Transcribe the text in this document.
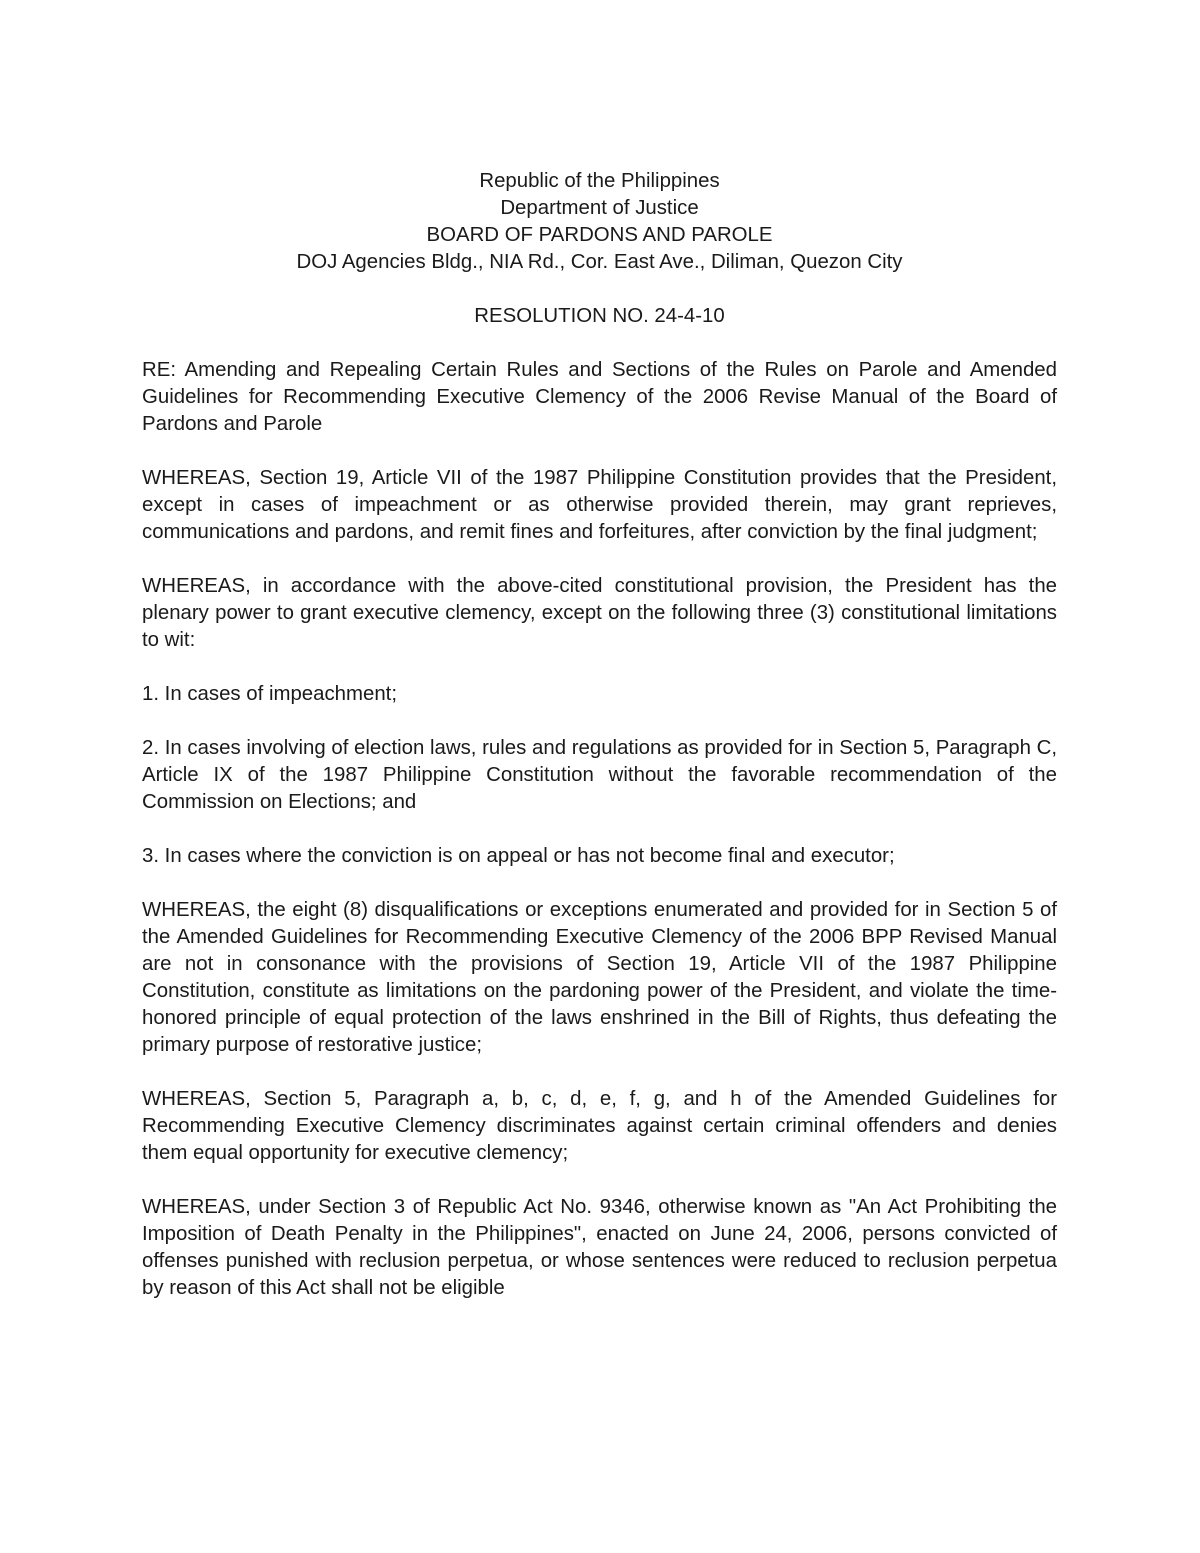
Republic of the Philippines

Department of Justice

BOARD OF PARDONS AND PAROLE

DOJ Agencies Bldg., NIA Rd., Cor. East Ave., Diliman, Quezon City

RESOLUTION NO. 24-4-10

RE: Amending and Repealing Certain Rules and Sections of the Rules on Parole and Amended Guidelines for Recommending Executive Clemency of the 2006 Revise Manual of the Board of Pardons and Parole

WHEREAS, Section 19, Article VII of the 1987 Philippine Constitution provides that the President, except in cases of impeachment or as otherwise provided therein, may grant reprieves, communications and pardons, and remit fines and forfeitures, after conviction by the final judgment;

WHEREAS, in accordance with the above-cited constitutional provision, the President has the plenary power to grant executive clemency, except on the following three (3) constitutional limitations to wit:

1. In cases of impeachment;

2. In cases involving of election laws, rules and regulations as provided for in Section 5, Paragraph C, Article IX of the 1987 Philippine Constitution without the favorable recommendation of the Commission on Elections; and

3. In cases where the conviction is on appeal or has not become final and executor;

WHEREAS, the eight (8) disqualifications or exceptions enumerated and provided for in Section 5 of the Amended Guidelines for Recommending Executive Clemency of the 2006 BPP Revised Manual are not in consonance with the provisions of Section 19, Article VII of the 1987 Philippine Constitution, constitute as limitations on the pardoning power of the President, and violate the time-honored principle of equal protection of the laws enshrined in the Bill of Rights, thus defeating the primary purpose of restorative justice;

WHEREAS, Section 5, Paragraph a, b, c, d, e, f, g, and h of the Amended Guidelines for Recommending Executive Clemency discriminates against certain criminal offenders and denies them equal opportunity for executive clemency;

WHEREAS, under Section 3 of Republic Act No. 9346, otherwise known as "An Act Prohibiting the Imposition of Death Penalty in the Philippines", enacted on June 24, 2006, persons convicted of offenses punished with reclusion perpetua, or whose sentences were reduced to reclusion perpetua by reason of this Act shall not be eligible
